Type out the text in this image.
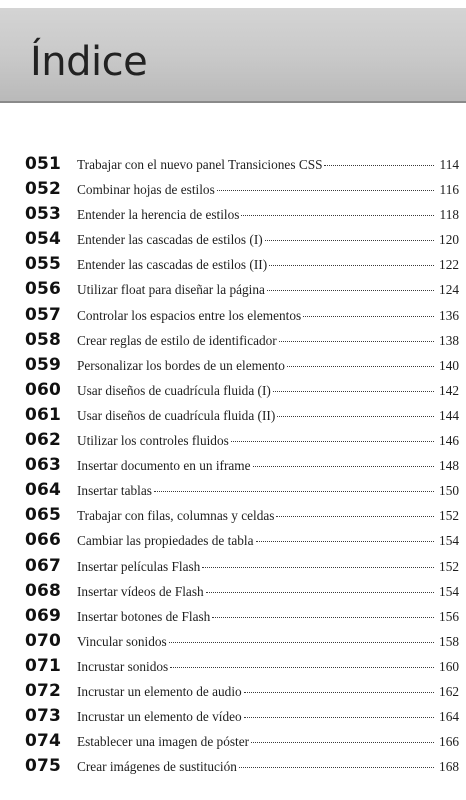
Índice
051	Trabajar con el nuevo panel Transiciones CSS	114
052	Combinar hojas de estilos	116
053	Entender la herencia de estilos	118
054	Entender las cascadas de estilos (I)	120
055	Entender las cascadas de estilos (II)	122
056	Utilizar float para diseñar la página	124
057	Controlar los espacios entre los elementos	136
058	Crear reglas de estilo de identificador	138
059	Personalizar los bordes de un elemento	140
060	Usar diseños de cuadrícula fluida (I)	142
061	Usar diseños de cuadrícula fluida (II)	144
062	Utilizar los controles fluidos	146
063	Insertar documento en un iframe	148
064	Insertar tablas	150
065	Trabajar con filas, columnas y celdas	152
066	Cambiar las propiedades de tabla	154
067	Insertar películas Flash	152
068	Insertar vídeos de Flash	154
069	Insertar botones de Flash	156
070	Vincular sonidos	158
071	Incrustar sonidos	160
072	Incrustar un elemento de audio	162
073	Incrustar un elemento de vídeo	164
074	Establecer una imagen de póster	166
075	Crear imágenes de sustitución	168
